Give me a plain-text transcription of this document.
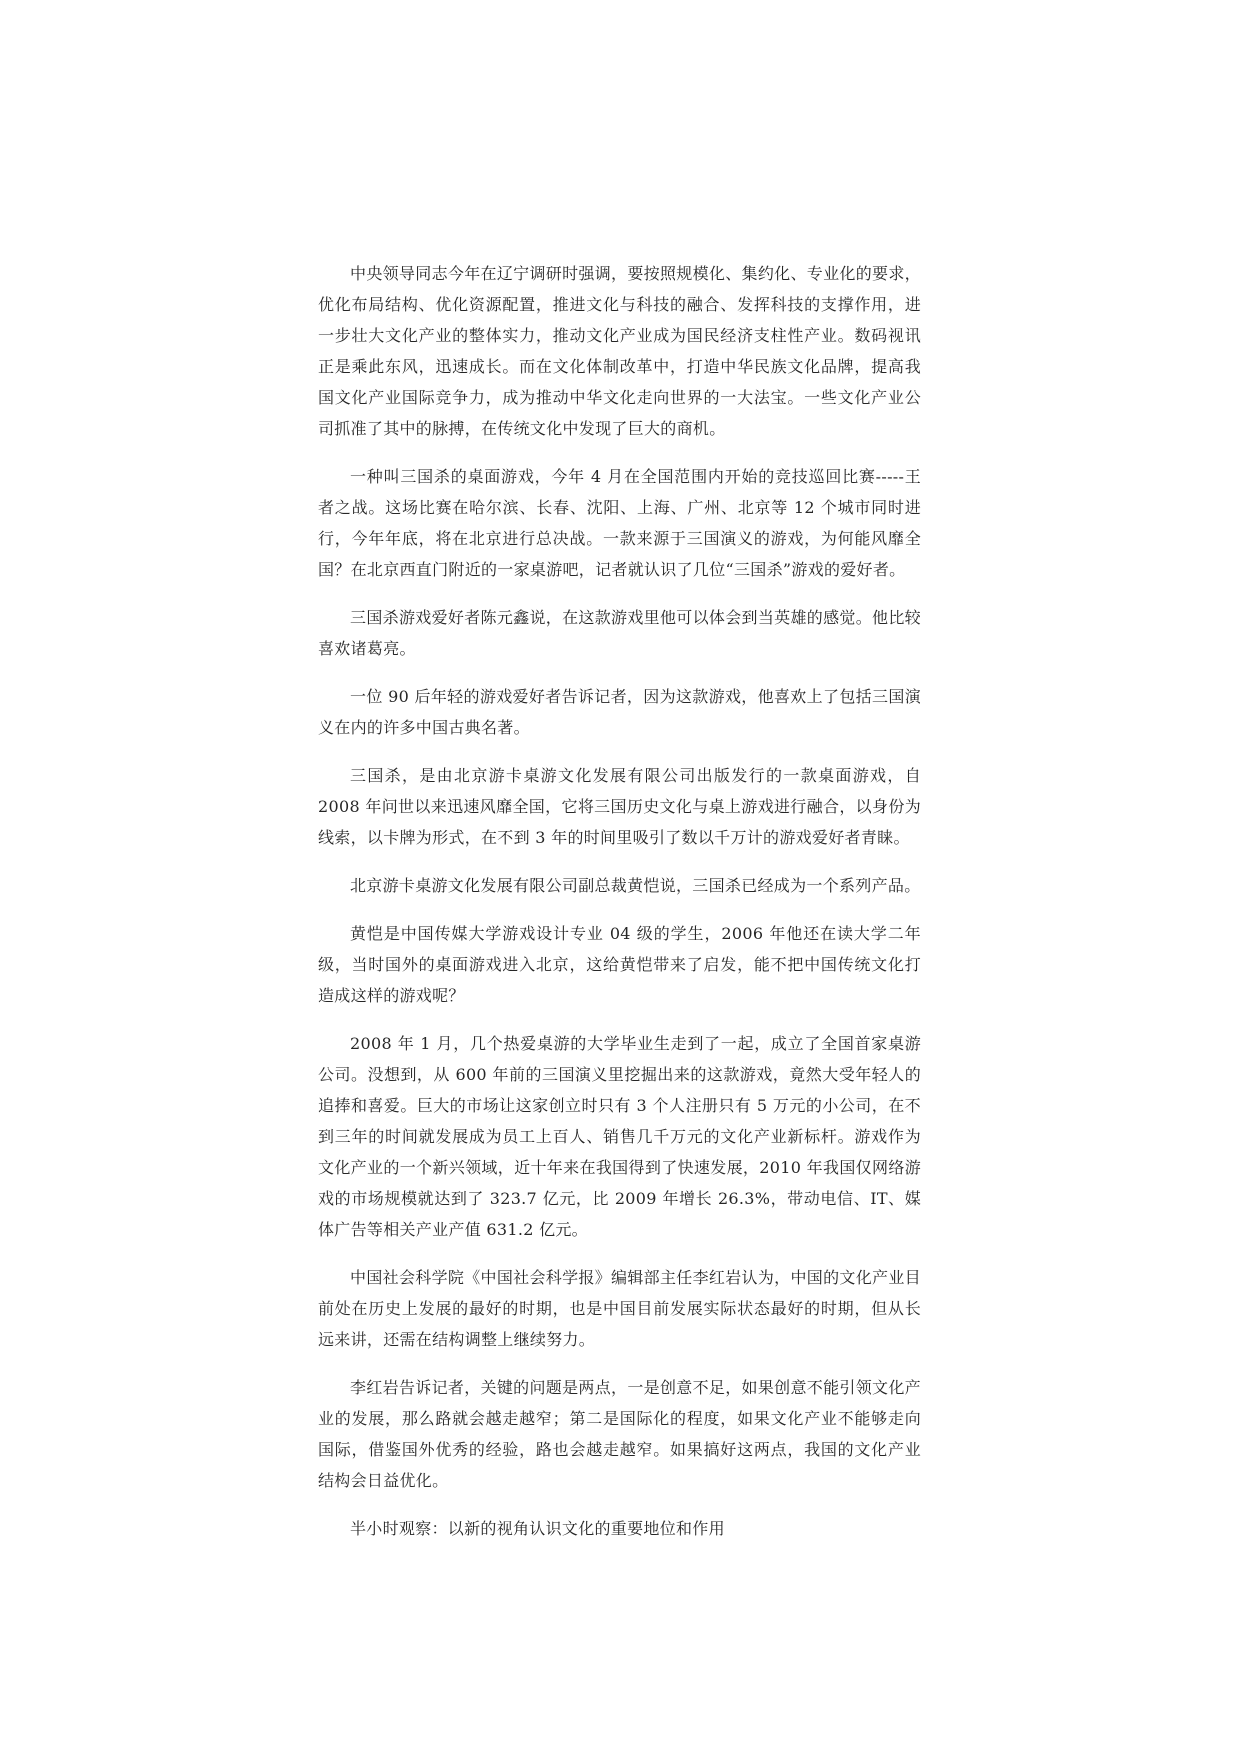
中央领导同志今年在辽宁调研时强调，要按照规模化、集约化、专业化的要求，优化布局结构、优化资源配置，推进文化与科技的融合、发挥科技的支撑作用，进一步壮大文化产业的整体实力，推动文化产业成为国民经济支柱性产业。数码视讯正是乘此东风，迅速成长。而在文化体制改革中，打造中华民族文化品牌，提高我国文化产业国际竞争力，成为推动中华文化走向世界的一大法宝。一些文化产业公司抓准了其中的脉搏，在传统文化中发现了巨大的商机。

一种叫三国杀的桌面游戏，今年 4 月在全国范围内开始的竞技巡回比赛-----王者之战。这场比赛在哈尔滨、长春、沈阳、上海、广州、北京等 12 个城市同时进行，今年年底，将在北京进行总决战。一款来源于三国演义的游戏，为何能风靡全国？在北京西直门附近的一家桌游吧，记者就认识了几位“三国杀”游戏的爱好者。

三国杀游戏爱好者陈元鑫说，在这款游戏里他可以体会到当英雄的感觉。他比较喜欢诸葛亮。

一位 90 后年轻的游戏爱好者告诉记者，因为这款游戏，他喜欢上了包括三国演义在内的许多中国古典名著。

三国杀，是由北京游卡桌游文化发展有限公司出版发行的一款桌面游戏，自 2008 年问世以来迅速风靡全国，它将三国历史文化与桌上游戏进行融合，以身份为线索，以卡牌为形式，在不到 3 年的时间里吸引了数以千万计的游戏爱好者青睐。

北京游卡桌游文化发展有限公司副总裁黄恺说，三国杀已经成为一个系列产品。

黄恺是中国传媒大学游戏设计专业 04 级的学生，2006 年他还在读大学二年级，当时国外的桌面游戏进入北京，这给黄恺带来了启发，能不把中国传统文化打造成这样的游戏呢？

2008 年 1 月，几个热爱桌游的大学毕业生走到了一起，成立了全国首家桌游公司。没想到，从 600 年前的三国演义里挖掘出来的这款游戏，竟然大受年轻人的追捧和喜爱。巨大的市场让这家创立时只有 3 个人注册只有 5 万元的小公司，在不到三年的时间就发展成为员工上百人、销售几千万元的文化产业新标杆。游戏作为文化产业的一个新兴领域，近十年来在我国得到了快速发展，2010 年我国仅网络游戏的市场规模就达到了 323.7 亿元，比 2009 年增长 26.3%，带动电信、IT、媒体广告等相关产业产值 631.2 亿元。

中国社会科学院《中国社会科学报》编辑部主任李红岩认为，中国的文化产业目前处在历史上发展的最好的时期，也是中国目前发展实际状态最好的时期，但从长远来讲，还需在结构调整上继续努力。

李红岩告诉记者，关键的问题是两点，一是创意不足，如果创意不能引领文化产业的发展，那么路就会越走越窄；第二是国际化的程度，如果文化产业不能够走向国际，借鉴国外优秀的经验，路也会越走越窄。如果搞好这两点，我国的文化产业结构会日益优化。

半小时观察：以新的视角认识文化的重要地位和作用
